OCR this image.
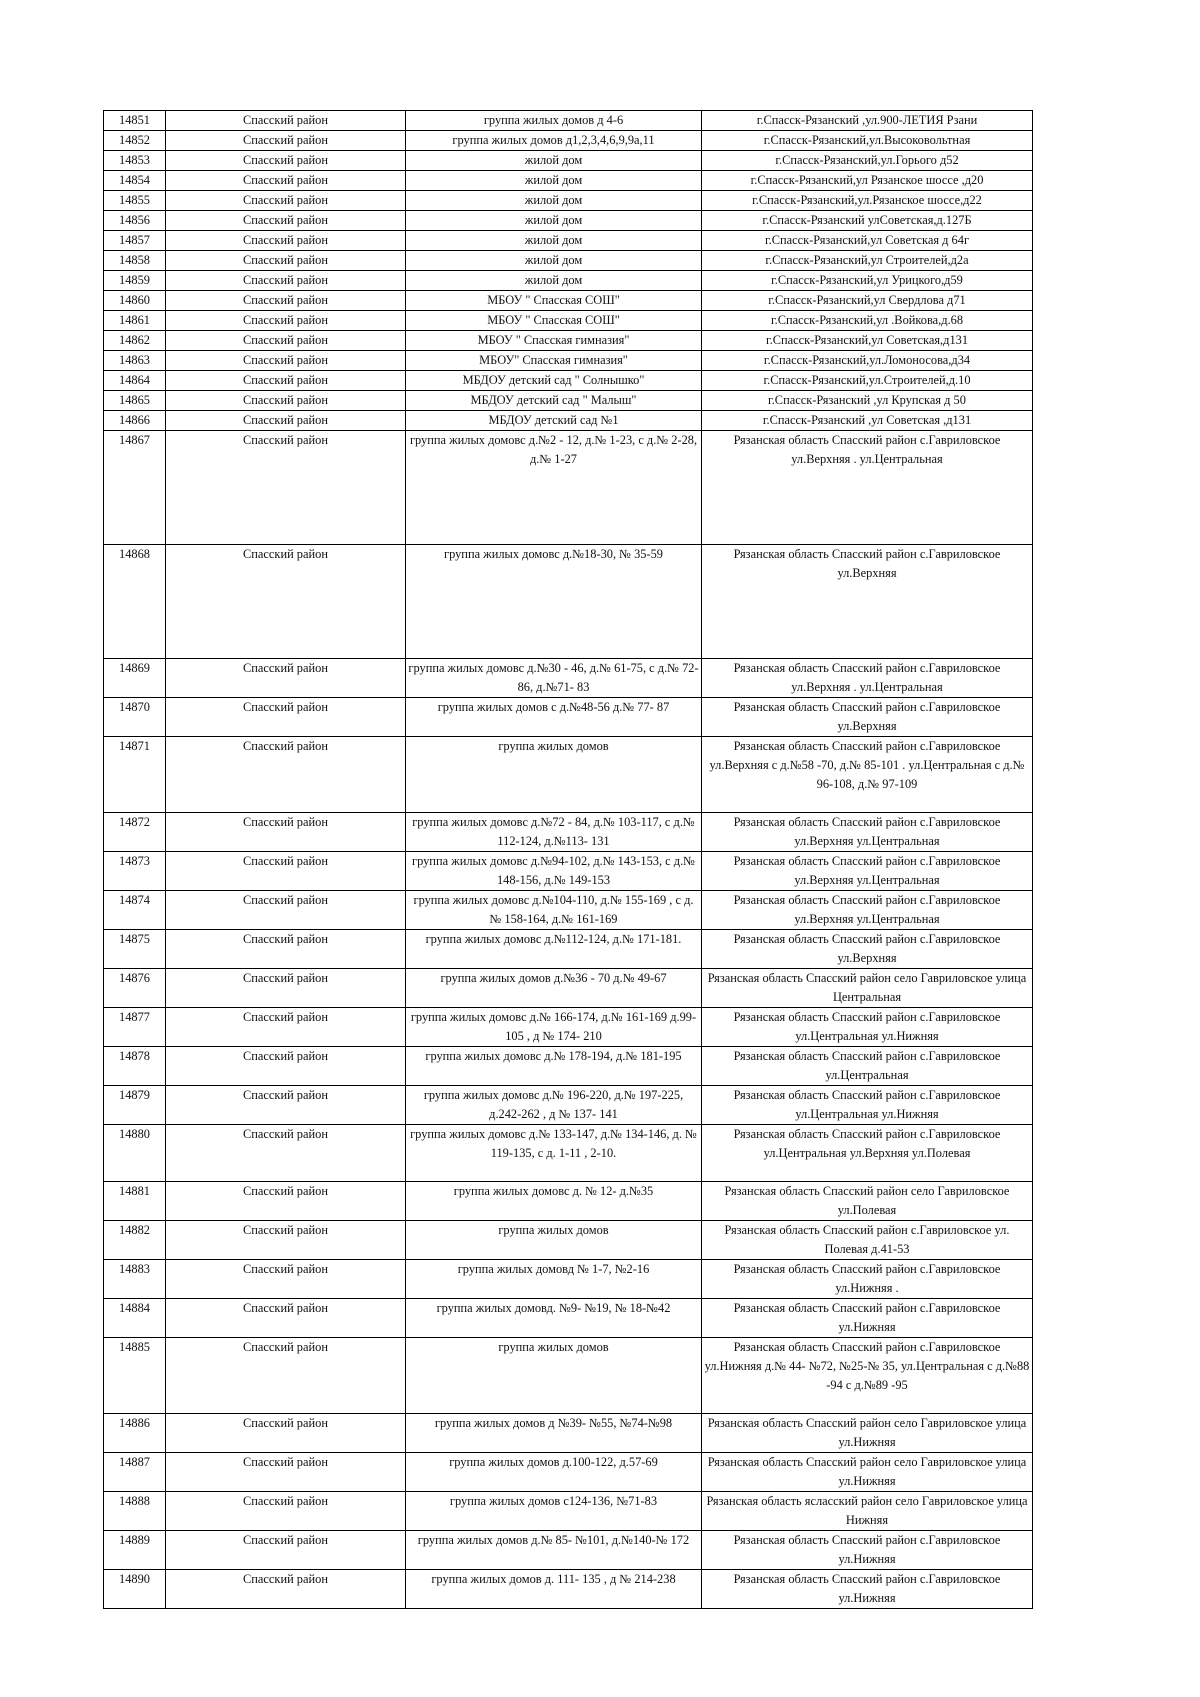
14851	Спасский район	группа жилых домов д 4-6	г.Спасск-Рязанский ,ул.900-ЛЕТИЯ Рзани
14852	Спасский район	группа жилых домов д1,2,3,4,6,9,9а,11	г.Спасск-Рязанский,ул.Высоковольтная
14853	Спасский район	жилой дом	г.Спасск-Рязанский,ул.Горього д52
14854	Спасский район	жилой дом	г.Спасск-Рязанский,ул Рязанское шоссе ,д20
14855	Спасский район	жилой дом	г.Спасск-Рязанский,ул.Рязанское шоссе,д22
14856	Спасский район	жилой дом	г.Спасск-Рязанский улСоветская,д.127Б
14857	Спасский район	жилой дом	г.Спасск-Рязанский,ул Советская д 64г
14858	Спасский район	жилой дом	г.Спасск-Рязанский,ул Строителей,д2а
14859	Спасский район	жилой дом	г.Спасск-Рязанский,ул Урицкого,д59
14860	Спасский район	МБОУ " Спасская СОШ"	г.Спасск-Рязанский,ул Свердлова д71
14861	Спасский район	МБОУ " Спасская СОШ"	г.Спасск-Рязанский,ул .Войкова,д.68
14862	Спасский район	МБОУ " Спасская гимназия"	г.Спасск-Рязанский,ул Советская,д131
14863	Спасский район	МБОУ" Спасская гимназия"	г.Спасск-Рязанский,ул.Ломоносова,д34
14864	Спасский район	МБДОУ детский сад " Солнышко"	г.Спасск-Рязанский,ул.Строителей,д.10
14865	Спасский район	МБДОУ детский сад " Малыш"	г.Спасск-Рязанский ,ул Крупская д 50
14866	Спасский район	МБДОУ детский сад №1	г.Спасск-Рязанский ,ул Советская ,д131
14867	Спасский район	группа жилых домовс д.№2 - 12, д.№ 1-23, с д.№ 2-28, д.№ 1-27	Рязанская область Спасский район с.Гавриловское ул.Верхняя . ул.Центральная
14868	Спасский район	группа жилых домовс д.№18-30, № 35-59	Рязанская область Спасский район с.Гавриловское ул.Верхняя
14869	Спасский район	группа жилых домовс д.№30 - 46, д.№ 61-75, с д.№ 72-86, д.№71- 83	Рязанская область Спасский район с.Гавриловское ул.Верхняя . ул.Центральная
14870	Спасский район	группа жилых домов с д.№48-56 д.№ 77- 87	Рязанская область Спасский район с.Гавриловское ул.Верхняя
14871	Спасский район	группа жилых домов	Рязанская область Спасский район с.Гавриловское ул.Верхняя с д.№58 -70, д.№ 85-101 . ул.Центральная с д.№ 96-108, д.№ 97-109
14872	Спасский район	группа жилых домовс д.№72 - 84, д.№ 103-117, с д.№ 112-124, д.№113- 131	Рязанская область Спасский район с.Гавриловское ул.Верхняя ул.Центральная
14873	Спасский район	группа жилых домовс д.№94-102, д.№ 143-153, с д.№ 148-156, д.№ 149-153	Рязанская область Спасский район с.Гавриловское ул.Верхняя ул.Центральная
14874	Спасский район	группа жилых домовс д.№104-110, д.№ 155-169 , с д.№ 158-164, д.№ 161-169	Рязанская область Спасский район с.Гавриловское ул.Верхняя ул.Центральная
14875	Спасский район	группа жилых домовс д.№112-124, д.№ 171-181.	Рязанская область Спасский район с.Гавриловское ул.Верхняя
14876	Спасский район	группа жилых домов д.№36 - 70 д.№ 49-67	Рязанская область Спасский район село Гавриловское улица Центральная
14877	Спасский район	группа жилых домовс д.№ 166-174, д.№ 161-169 д.99-105 , д № 174- 210	Рязанская область Спасский район с.Гавриловское ул.Центральная ул.Нижняя
14878	Спасский район	группа жилых домовс д.№ 178-194, д.№ 181-195	Рязанская область Спасский район с.Гавриловское ул.Центральная
14879	Спасский район	группа жилых домовс д.№ 196-220, д.№ 197-225, д.242-262 , д № 137- 141	Рязанская область Спасский район с.Гавриловское ул.Центральная ул.Нижняя
14880	Спасский район	группа жилых домовс д.№ 133-147, д.№ 134-146, д. № 119-135, с д. 1-11 , 2-10.	Рязанская область Спасский район с.Гавриловское ул.Центральная ул.Верхняя ул.Полевая
14881	Спасский район	группа жилых домовс д. № 12- д.№35	Рязанская область Спасский район село Гавриловское ул.Полевая
14882	Спасский район	группа жилых домов	Рязанская область Спасский район с.Гавриловское ул. Полевая д.41-53
14883	Спасский район	группа жилых домовд № 1-7, №2-16	Рязанская область Спасский район с.Гавриловское ул.Нижняя .
14884	Спасский район	группа жилых домовд. №9- №19, № 18-№42	Рязанская область Спасский район с.Гавриловское ул.Нижняя
14885	Спасский район	группа жилых домов	Рязанская область Спасский район с.Гавриловское ул.Нижняя д.№ 44- №72, №25-№ 35, ул.Центральная с д.№88 -94 с д.№89 -95
14886	Спасский район	группа жилых домов д №39- №55, №74-№98	Рязанская область Спасский район село Гавриловское улица ул.Нижняя
14887	Спасский район	группа жилых домов д.100-122, д.57-69	Рязанская область Спасский район село Гавриловское улица ул.Нижняя
14888	Спасский район	группа жилых домов с124-136, №71-83	Рязанская область ясласский район село Гавриловское улица Нижняя
14889	Спасский район	группа жилых домов д.№ 85- №101, д.№140-№ 172	Рязанская область Спасский район с.Гавриловское ул.Нижняя
14890	Спасский район	группа жилых домов д. 111- 135 , д № 214-238	Рязанская область Спасский район с.Гавриловское ул.Нижняя
